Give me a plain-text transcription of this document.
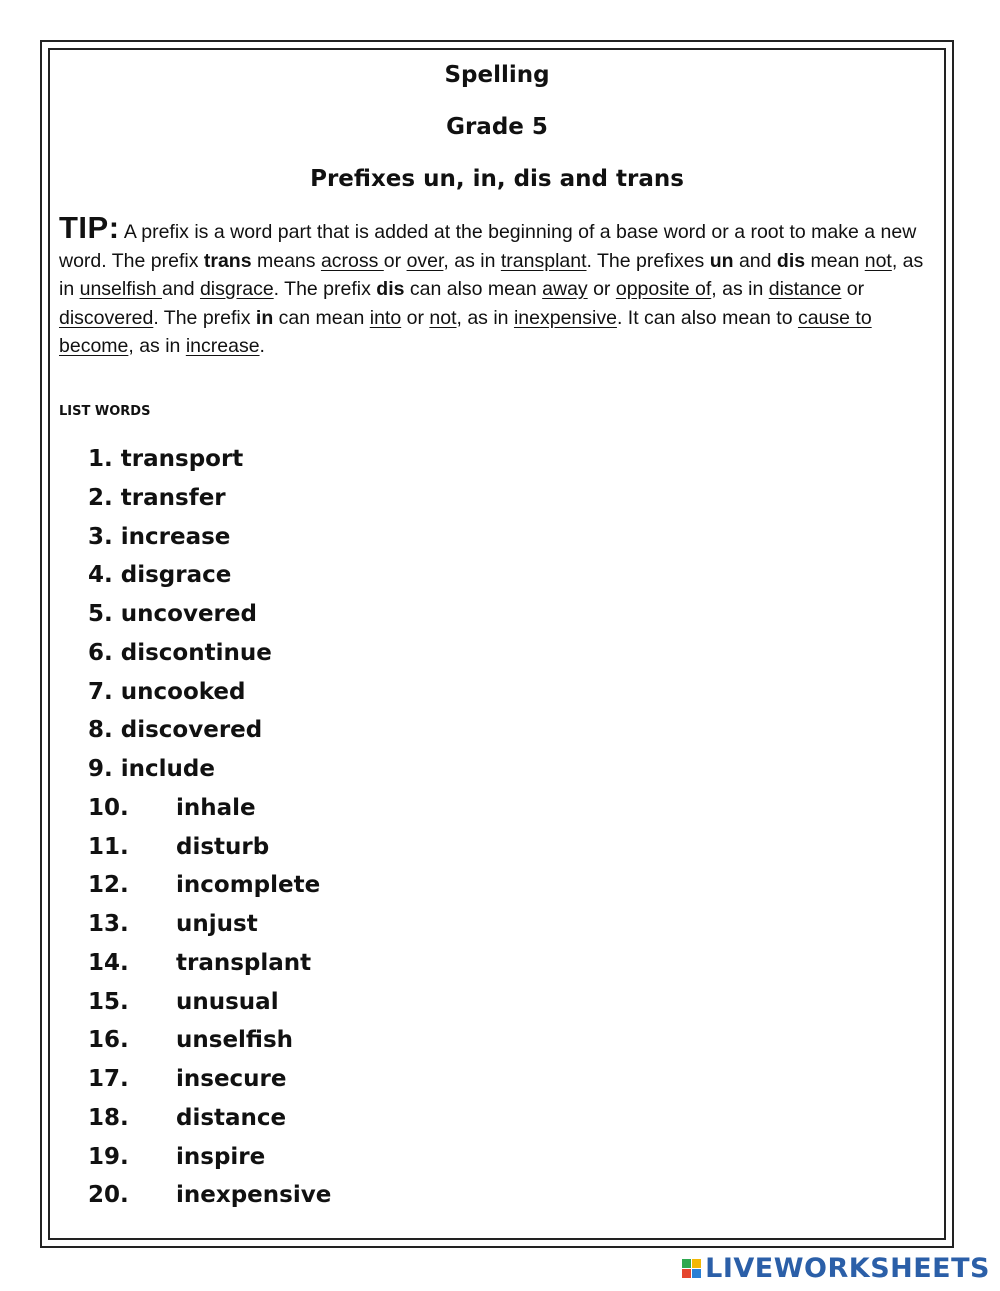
Spelling
Grade 5
Prefixes un, in, dis and trans

TIP: A prefix is a word part that is added at the beginning of a base word or a root to make a new word. The prefix trans means across or over, as in transplant. The prefixes un and dis mean not, as in unselfish and disgrace. The prefix dis can also mean away or opposite of, as in distance or discovered. The prefix in can mean into or not, as in inexpensive. It can also mean to cause to become, as in increase.

LIST WORDS
1. transport
2. transfer
3. increase
4. disgrace
5. uncovered
6. discontinue
7. uncooked
8. discovered
9. include
10. inhale
11. disturb
12. incomplete
13. unjust
14. transplant
15. unusual
16. unselfish
17. insecure
18. distance
19. inspire
20. inexpensive
LIVEWORKSHEETS
